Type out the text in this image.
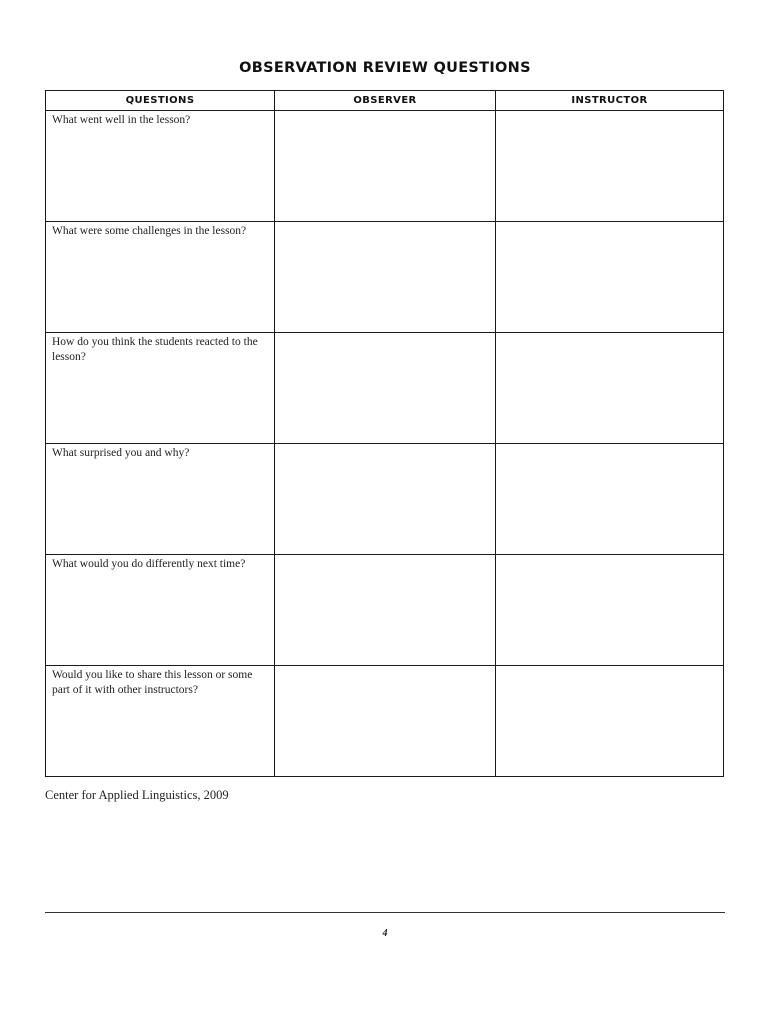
OBSERVATION REVIEW QUESTIONS
QUESTIONS	OBSERVER	INSTRUCTOR

What went well in the lesson?		

What were some challenges in the lesson?		

How do you think the students reacted to the lesson?		

What surprised you and why?		

What would you do differently next time?		

Would you like to share this lesson or some part of it with other instructors?		

Center for Applied Linguistics, 2009
4
